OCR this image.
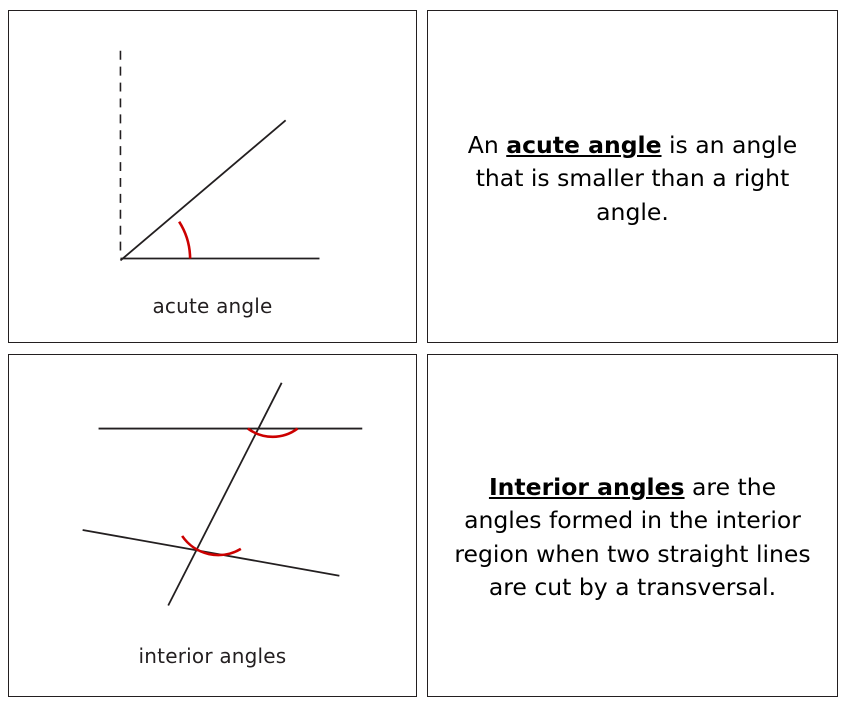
acute angle
An acute angle is an angle that is smaller than a right angle.
interior angles
Interior angles are the angles formed in the interior region when two straight lines are cut by a transversal.
